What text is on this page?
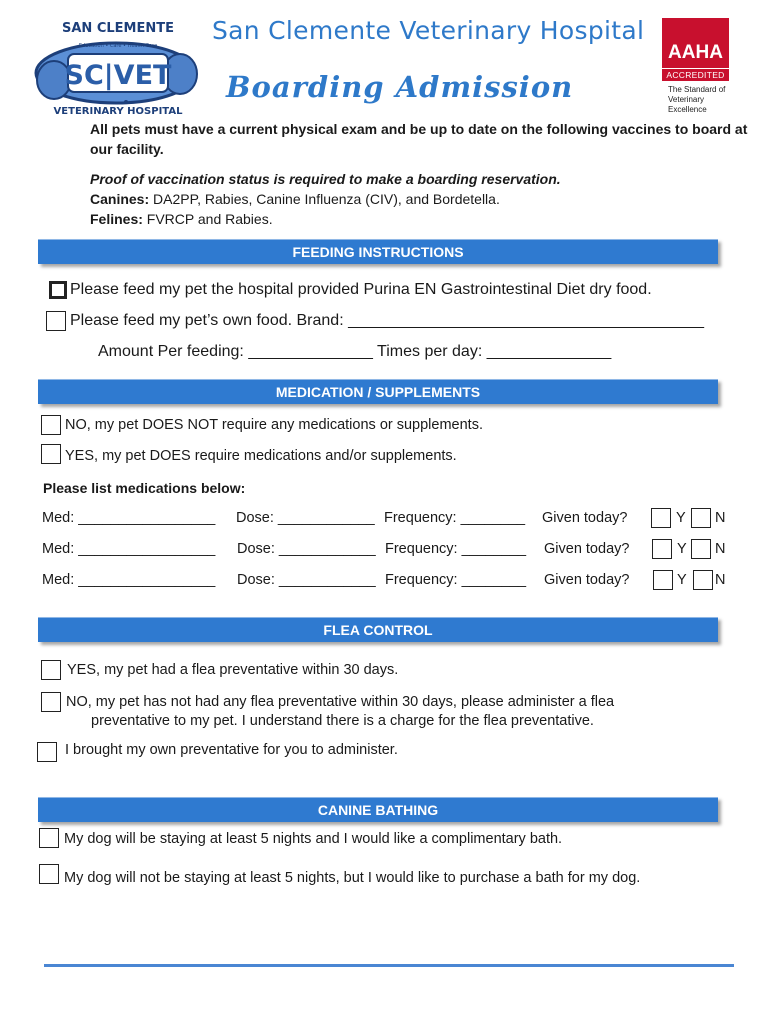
SC|VET
SAN CLEMENTE
Education • Care • Health Care
VETERINARY HOSPITAL
San Clemente Veterinary Hospital
Boarding Admission
AAHA
ACCREDITED
The Standard of Veterinary Excellence
All pets must have a current physical exam and be up to date on the following vaccines to board at our facility.
Proof of vaccination status is required to make a boarding reservation.
Canines: DA2PP, Rabies, Canine Influenza (CIV), and Bordetella.
Felines: FVRCP and Rabies.
FEEDING INSTRUCTIONS
Please feed my pet the hospital provided Purina EN Gastrointestinal Diet dry food.
Please feed my pet’s own food. Brand: ________________________________________
Amount Per feeding: ______________ Times per day: ______________
MEDICATION / SUPPLEMENTS
NO, my pet DOES NOT require any medications or supplements.
YES, my pet DOES require medications and/or supplements.
Please list medications below:
Med: _________________ Dose: ____________ Frequency: ________ Given today?	Y N
Med: _________________ Dose: ____________ Frequency: ________ Given today?	Y N
Med: _________________ Dose: ____________ Frequency: ________ Given today?	Y N
FLEA CONTROL
YES, my pet had a flea preventative within 30 days.
NO, my pet has not had any flea preventative within 30 days, please administer a flea
preventative to my pet. I understand there is a charge for the flea preventative.
I brought my own preventative for you to administer.
CANINE BATHING
My dog will be staying at least 5 nights and I would like a complimentary bath.
My dog will not be staying at least 5 nights, but I would like to purchase a bath for my dog.
